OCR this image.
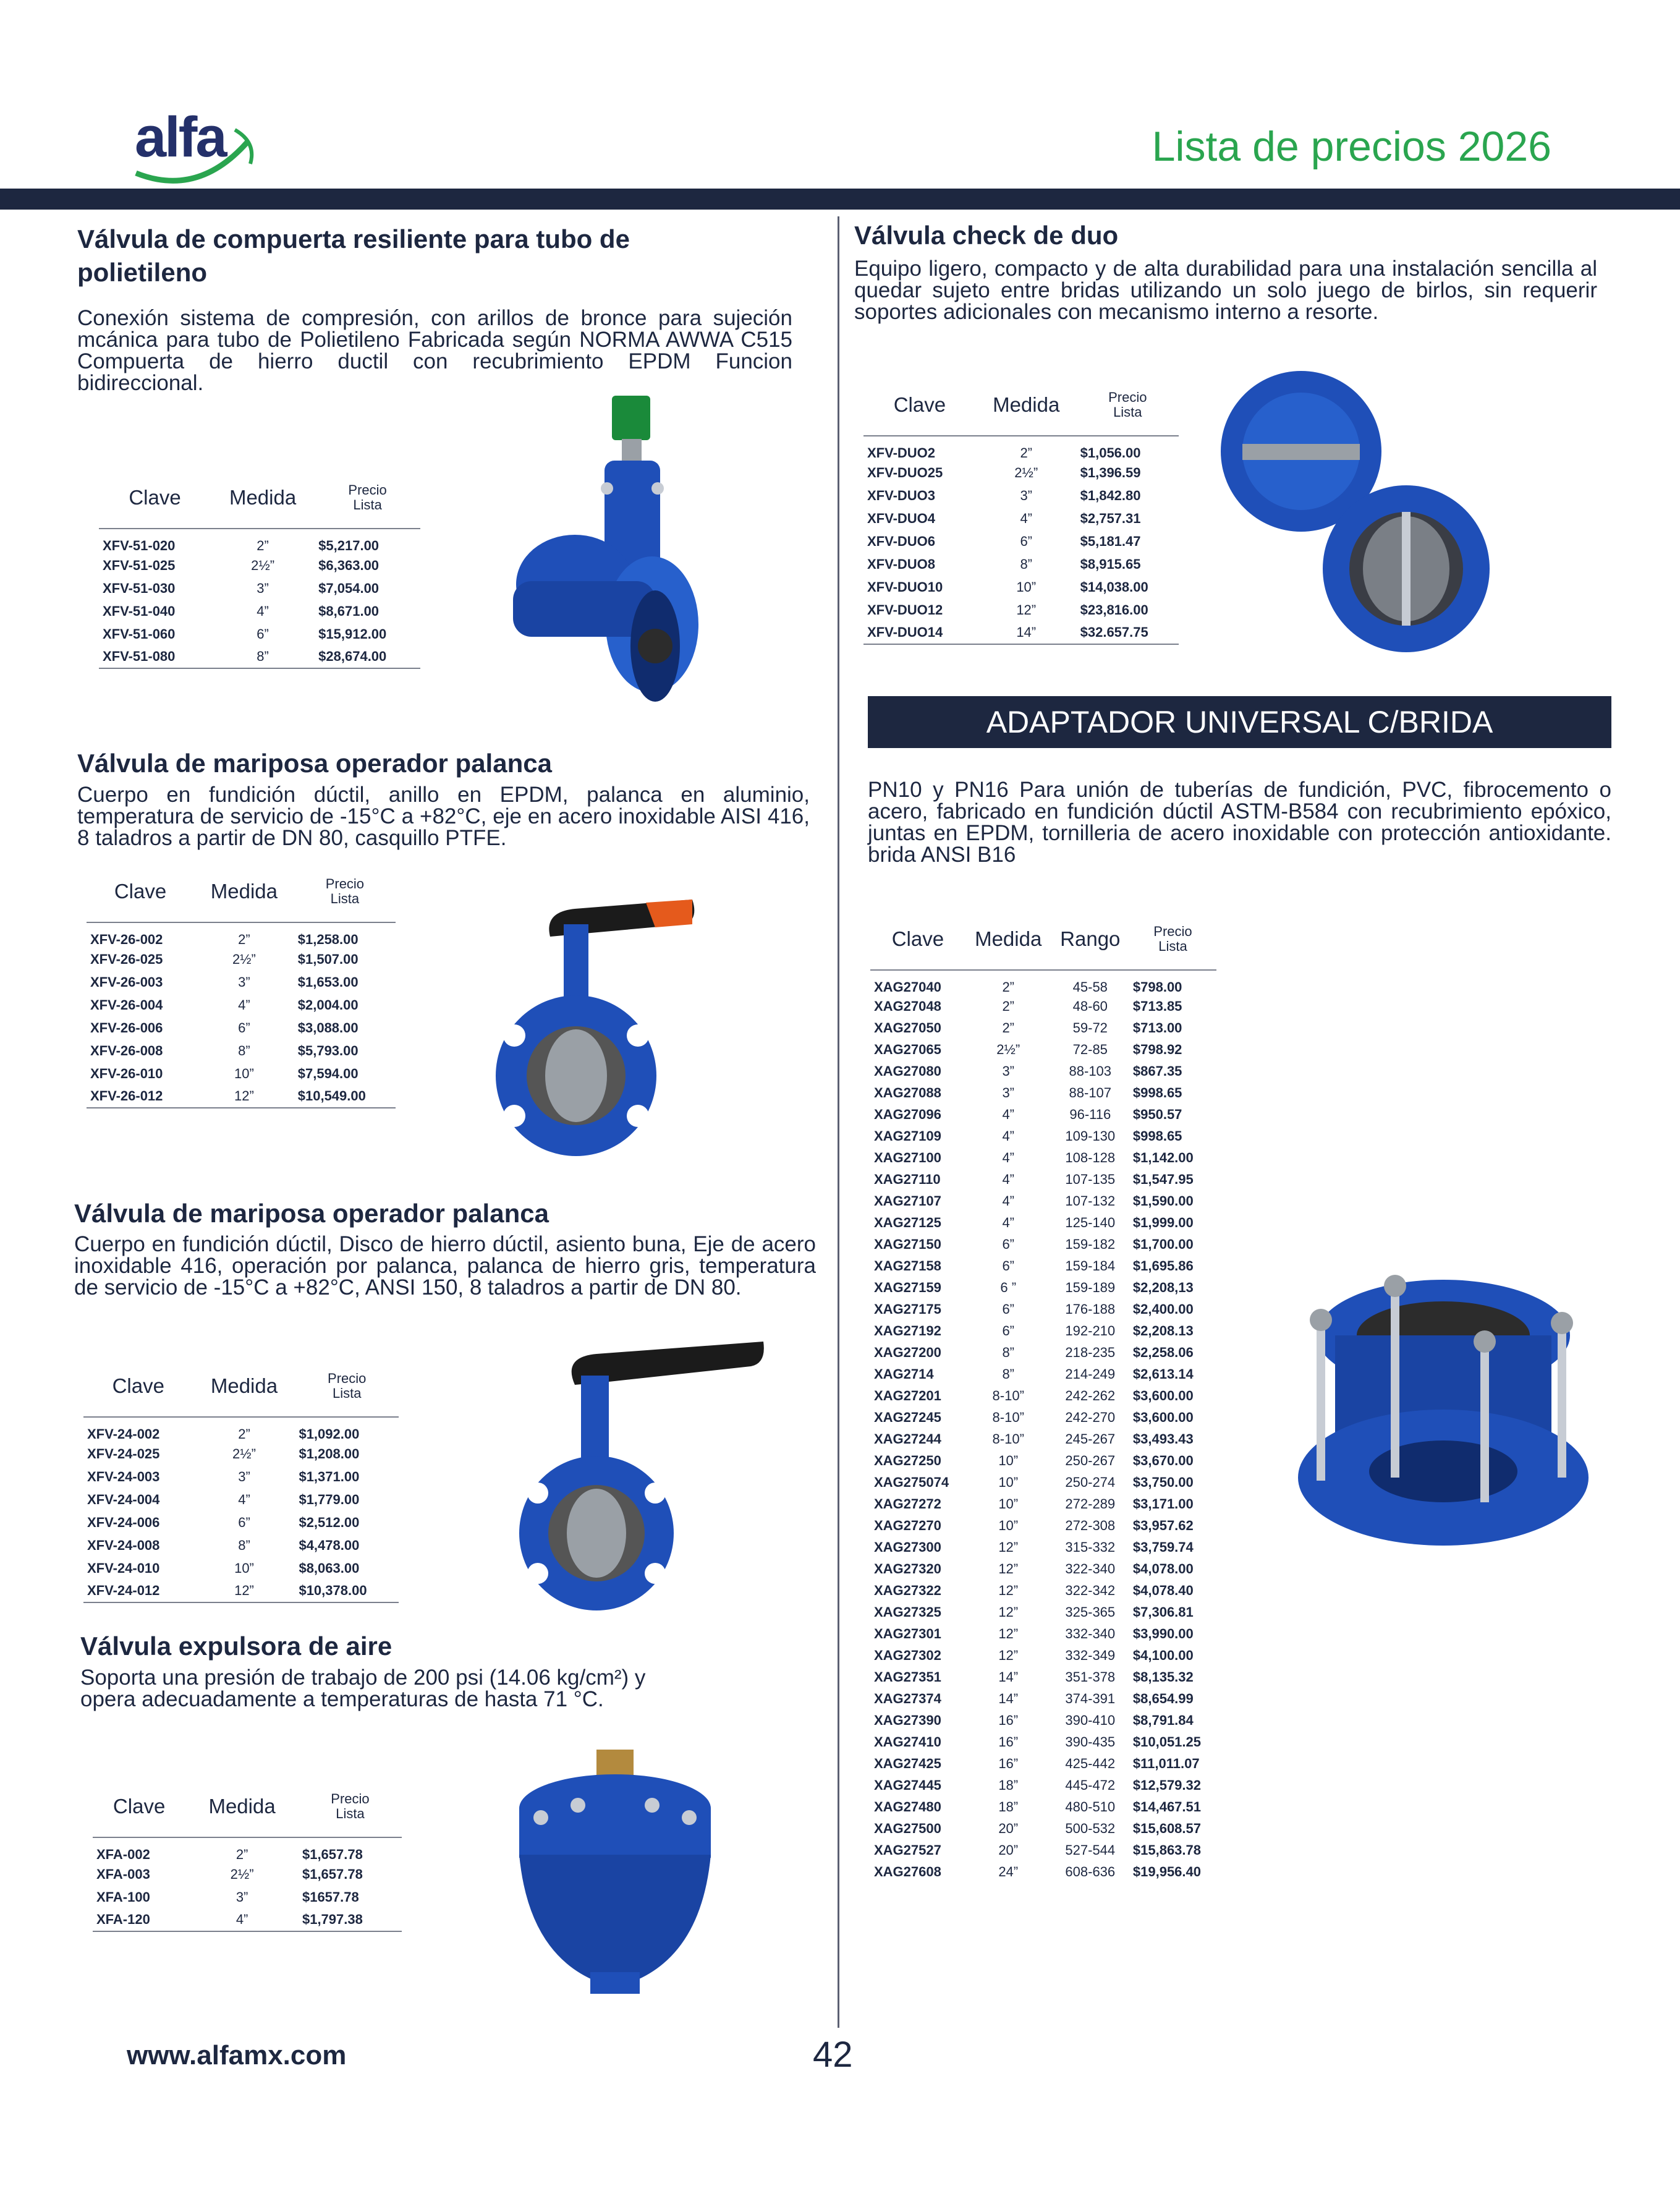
alfa	Lista de precios 2026
Válvula de compuerta resiliente para tubo de polietileno

Conexión sistema de compresión, con arillos de bronce para sujeción mcánica para tubo de Polietileno Fabricada según NORMA AWWA C515 Compuerta de hierro ductil con recubrimiento EPDM Funcion bidireccional.

Clave	Medida	Precio
Lista
XFV-51-020	2”	$5,217.00
XFV-51-025	2½”	$6,363.00
XFV-51-030	3”	$7,054.00
XFV-51-040	4”	$8,671.00
XFV-51-060	6”	$15,912.00
XFV-51-080	8”	$28,674.00

Válvula de mariposa operador palanca

Cuerpo en fundición dúctil, anillo en EPDM, palanca en aluminio, temperatura de servicio de -15°C a +82°C, eje en acero inoxidable AISI 416, 8 taladros a partir de DN 80, casquillo PTFE.

Clave	Medida	Precio
Lista
XFV-26-002	2”	$1,258.00
XFV-26-025	2½”	$1,507.00
XFV-26-003	3”	$1,653.00
XFV-26-004	4”	$2,004.00
XFV-26-006	6”	$3,088.00
XFV-26-008	8”	$5,793.00
XFV-26-010	10”	$7,594.00
XFV-26-012	12”	$10,549.00

Válvula de mariposa operador palanca

Cuerpo en fundición dúctil, Disco de hierro dúctil, asiento buna, Eje de acero inoxidable 416, operación por palanca, palanca de hierro gris, temperatura de servicio de -15°C a +82°C, ANSI 150, 8 taladros a partir de DN 80.

Clave	Medida	Precio
Lista
XFV-24-002	2”	$1,092.00
XFV-24-025	2½”	$1,208.00
XFV-24-003	3”	$1,371.00
XFV-24-004	4”	$1,779.00
XFV-24-006	6”	$2,512.00
XFV-24-008	8”	$4,478.00
XFV-24-010	10”	$8,063.00
XFV-24-012	12”	$10,378.00

Válvula expulsora de aire

Soporta una presión de trabajo de 200 psi (14.06 kg/cm²) y opera adecuadamente a temperaturas de hasta 71 °C.

Clave	Medida	Precio
Lista
XFA-002	2”	$1,657.78
XFA-003	2½”	$1,657.78
XFA-100	3”	$1657.78
XFA-120	4”	$1,797.38

Válvula check de duo

Equipo ligero, compacto y de alta durabilidad para una instalación sencilla al quedar sujeto entre bridas utilizando un solo juego de birlos, sin requerir soportes adicionales con mecanismo interno a resorte.

Clave	Medida	Precio
Lista
XFV-DUO2	2”	$1,056.00
XFV-DUO25	2½”	$1,396.59
XFV-DUO3	3”	$1,842.80
XFV-DUO4	4”	$2,757.31
XFV-DUO6	6”	$5,181.47
XFV-DUO8	8”	$8,915.65
XFV-DUO10	10”	$14,038.00
XFV-DUO12	12”	$23,816.00
XFV-DUO14	14”	$32.657.75

ADAPTADOR UNIVERSAL C/BRIDA

PN10 y PN16 Para unión de tuberías de fundición, PVC, fibrocemento o acero, fabricado en fundición dúctil ASTM-B584 con recubrimiento epóxico, juntas en EPDM, tornilleria de acero inoxidable con protección antioxidante. brida ANSI B16

Clave	Medida	Rango	Precio
Lista
XAG27040	2”	45-58	$798.00
XAG27048	2”	48-60	$713.85
XAG27050	2”	59-72	$713.00
XAG27065	2½”	72-85	$798.92
XAG27080	3”	88-103	$867.35
XAG27088	3”	88-107	$998.65
XAG27096	4”	96-116	$950.57
XAG27109	4”	109-130	$998.65
XAG27100	4”	108-128	$1,142.00
XAG27110	4”	107-135	$1,547.95
XAG27107	4”	107-132	$1,590.00
XAG27125	4”	125-140	$1,999.00
XAG27150	6”	159-182	$1,700.00
XAG27158	6”	159-184	$1,695.86
XAG27159	6 ”	159-189	$2,208,13
XAG27175	6”	176-188	$2,400.00
XAG27192	6”	192-210	$2,208.13
XAG27200	8”	218-235	$2,258.06
XAG2714	8”	214-249	$2,613.14
XAG27201	8-10”	242-262	$3,600.00
XAG27245	8-10”	242-270	$3,600.00
XAG27244	8-10”	245-267	$3,493.43
XAG27250	10”	250-267	$3,670.00
XAG275074	10”	250-274	$3,750.00
XAG27272	10”	272-289	$3,171.00
XAG27270	10”	272-308	$3,957.62
XAG27300	12”	315-332	$3,759.74
XAG27320	12”	322-340	$4,078.00
XAG27322	12”	322-342	$4,078.40
XAG27325	12”	325-365	$7,306.81
XAG27301	12”	332-340	$3,990.00
XAG27302	12”	332-349	$4,100.00
XAG27351	14”	351-378	$8,135.32
XAG27374	14”	374-391	$8,654.99
XAG27390	16”	390-410	$8,791.84
XAG27410	16”	390-435	$10,051.25
XAG27425	16”	425-442	$11,011.07
XAG27445	18”	445-472	$12,579.32
XAG27480	18”	480-510	$14,467.51
XAG27500	20”	500-532	$15,608.57
XAG27527	20”	527-544	$15,863.78
XAG27608	24”	608-636	$19,956.40
www.alfamx.com	42
